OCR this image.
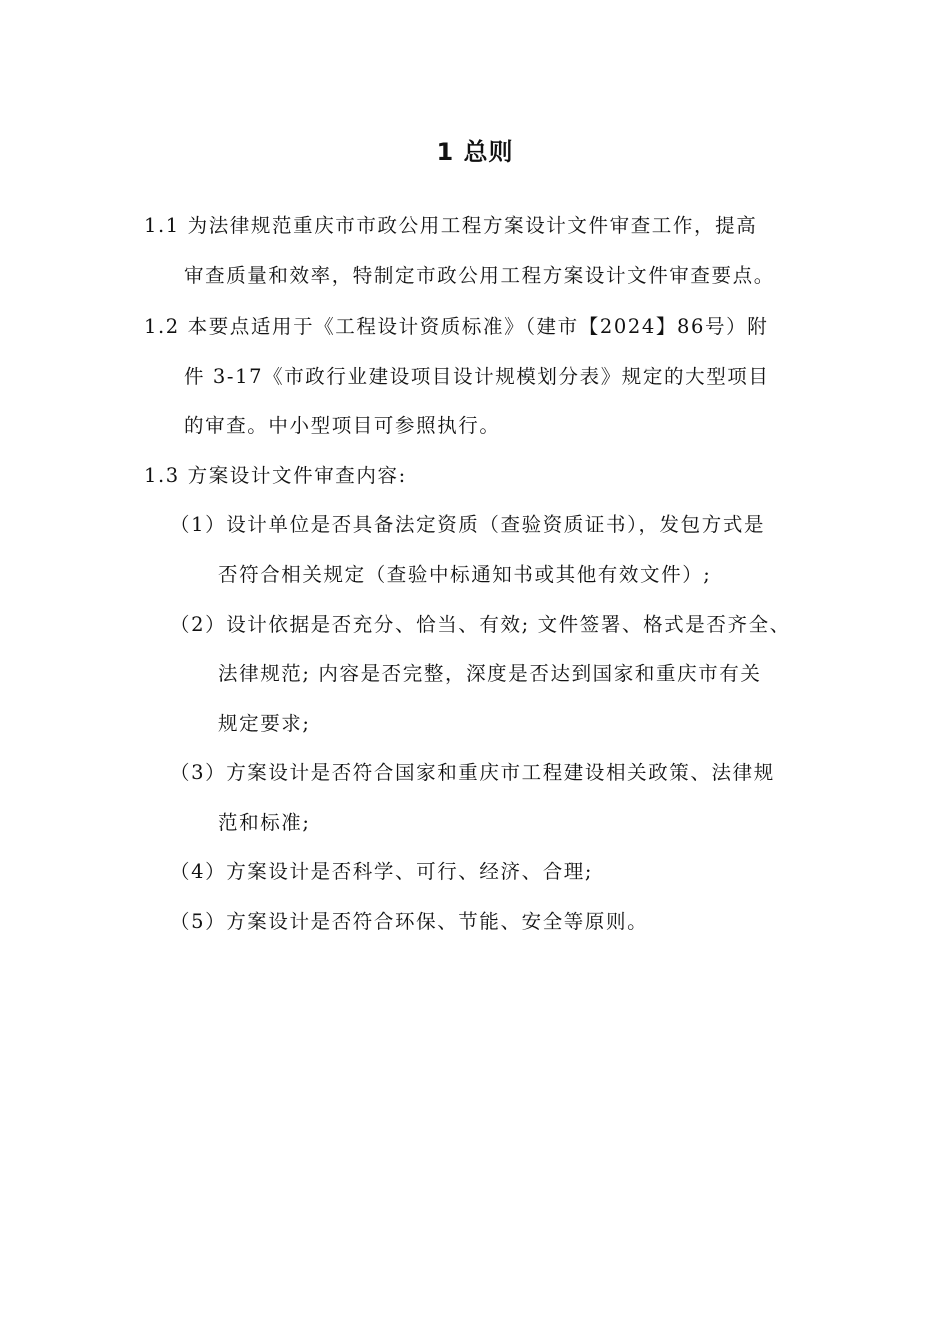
1 总则
1.1 为法律规范重庆市市政公用工程方案设计文件审查工作，提高
审查质量和效率，特制定市政公用工程方案设计文件审查要点。
1.2 本要点适用于《工程设计资质标准》（建市【2024】86号）附
件 3-17《市政行业建设项目设计规模划分表》规定的大型项目
的审查。中小型项目可参照执行。
1.3 方案设计文件审查内容:
（1）设计单位是否具备法定资质（查验资质证书），发包方式是
否符合相关规定（查验中标通知书或其他有效文件）;
（2）设计依据是否充分、恰当、有效; 文件签署、格式是否齐全、
法律规范; 内容是否完整，深度是否达到国家和重庆市有关
规定要求;
（3）方案设计是否符合国家和重庆市工程建设相关政策、法律规
范和标准;
（4）方案设计是否科学、可行、经济、合理;
（5）方案设计是否符合环保、节能、安全等原则。
